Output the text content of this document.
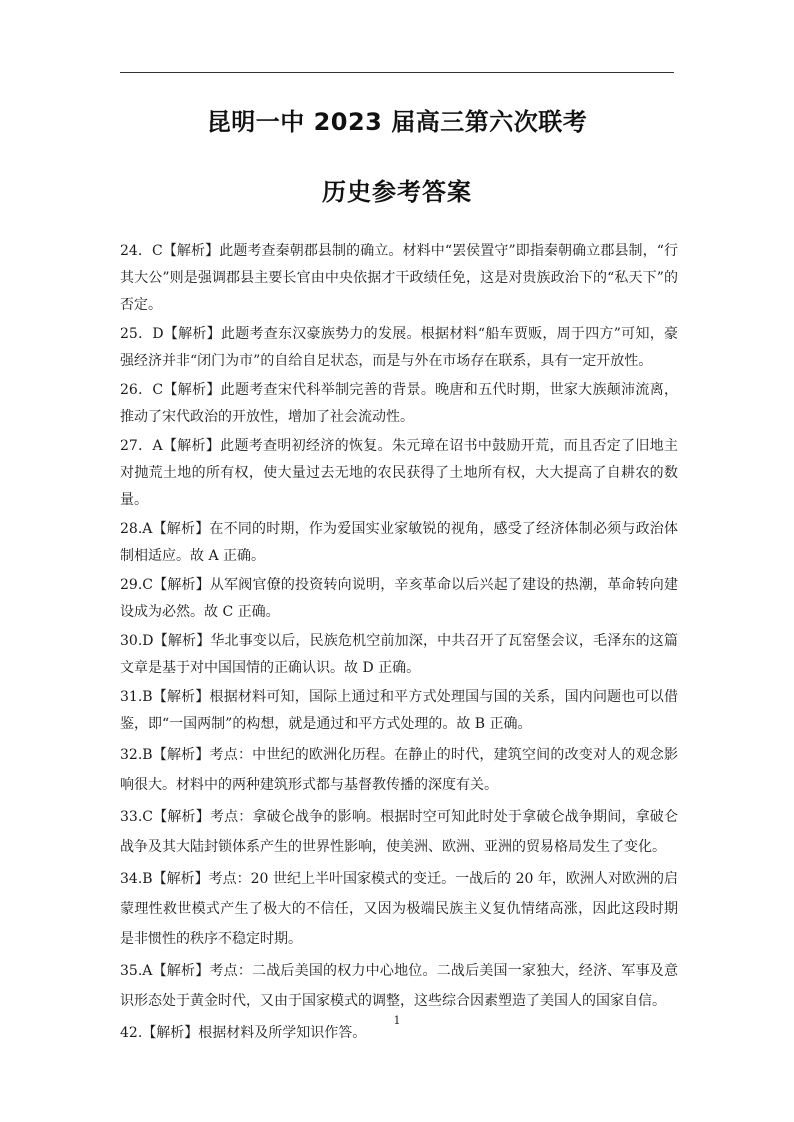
昆明一中 2023 届高三第六次联考
历史参考答案

24．C【解析】此题考查秦朝郡县制的确立。材料中“罢侯置守”即指秦朝确立郡县制，“行其大公”则是强调郡县主要长官由中央依据才干政绩任免，这是对贵族政治下的“私天下”的否定。

25．D【解析】此题考查东汉豪族势力的发展。根据材料“船车贾贩，周于四方”可知，豪强经济并非“闭门为市”的自给自足状态，而是与外在市场存在联系，具有一定开放性。

26．C【解析】此题考查宋代科举制完善的背景。晚唐和五代时期，世家大族颠沛流离，推动了宋代政治的开放性，增加了社会流动性。

27．A【解析】此题考查明初经济的恢复。朱元璋在诏书中鼓励开荒，而且否定了旧地主对抛荒土地的所有权，使大量过去无地的农民获得了土地所有权，大大提高了自耕农的数量。

28.A【解析】在不同的时期，作为爱国实业家敏锐的视角，感受了经济体制必须与政治体制相适应。故 A 正确。

29.C【解析】从军阀官僚的投资转向说明，辛亥革命以后兴起了建设的热潮，革命转向建设成为必然。故 C 正确。

30.D【解析】华北事变以后，民族危机空前加深，中共召开了瓦窑堡会议，毛泽东的这篇文章是基于对中国国情的正确认识。故 D 正确。

31.B【解析】根据材料可知，国际上通过和平方式处理国与国的关系，国内问题也可以借鉴，即“一国两制”的构想，就是通过和平方式处理的。故 B 正确。

32.B【解析】考点：中世纪的欧洲化历程。在静止的时代，建筑空间的改变对人的观念影响很大。材料中的两种建筑形式都与基督教传播的深度有关。

33.C【解析】考点：拿破仑战争的影响。根据时空可知此时处于拿破仑战争期间，拿破仑战争及其大陆封锁体系产生的世界性影响，使美洲、欧洲、亚洲的贸易格局发生了变化。

34.B【解析】考点：20 世纪上半叶国家模式的变迁。一战后的 20 年，欧洲人对欧洲的启蒙理性救世模式产生了极大的不信任，又因为极端民族主义复仇情绪高涨，因此这段时期是非惯性的秩序不稳定时期。

35.A【解析】考点：二战后美国的权力中心地位。二战后美国一家独大，经济、军事及意识形态处于黄金时代，又由于国家模式的调整，这些综合因素塑造了美国人的国家自信。

42.【解析】根据材料及所学知识作答。

1
